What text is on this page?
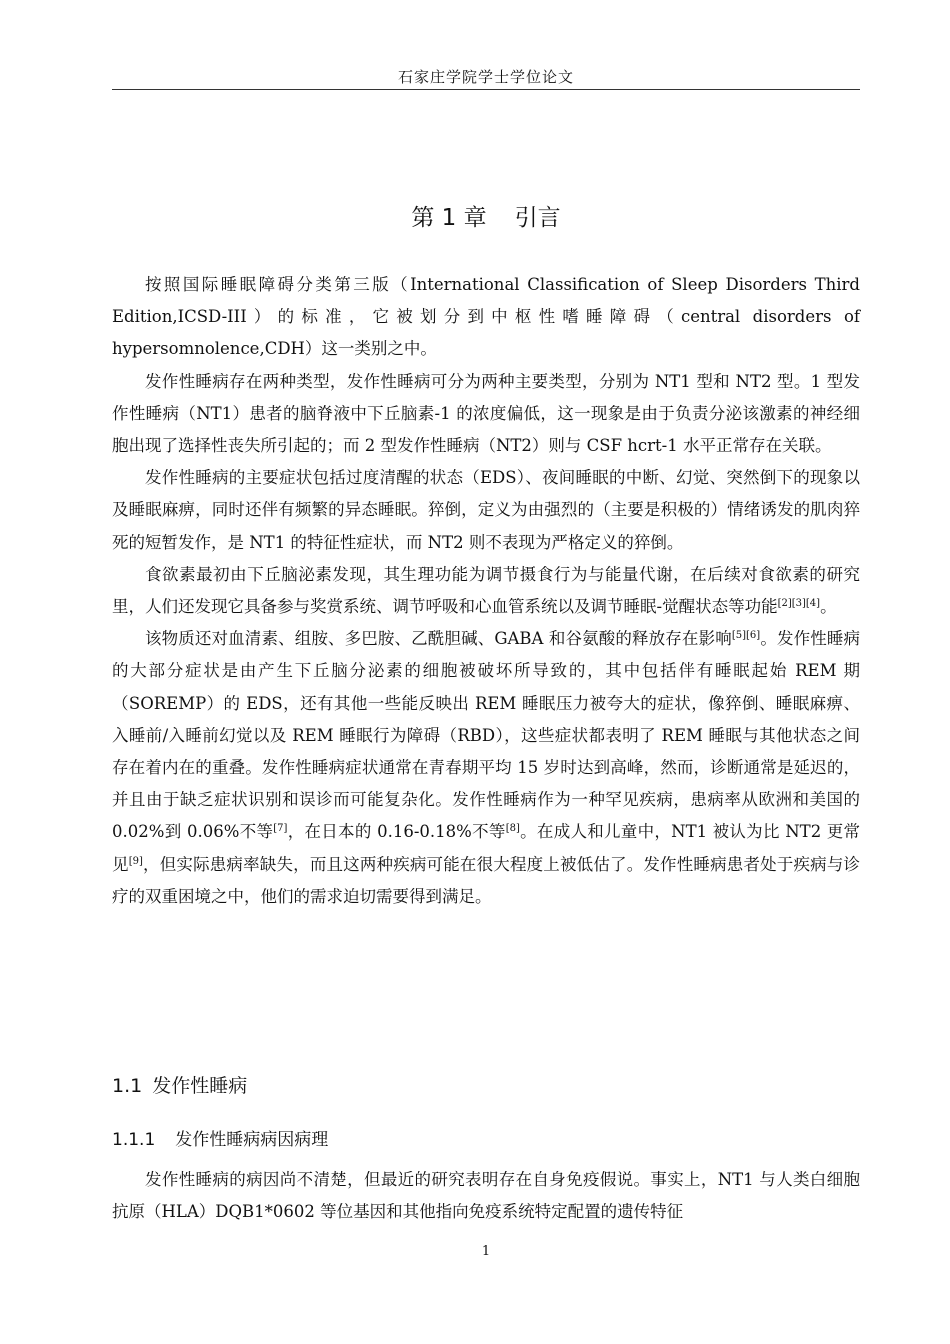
石家庄学院学士学位论文
第 1 章 引言

按照国际睡眠障碍分类第三版（International Classification of Sleep Disorders Third Edition,ICSD-III）的标准，它被划分到中枢性嗜睡障碍（central disorders of hypersomnolence,CDH）这一类别之中。

发作性睡病存在两种类型，发作性睡病可分为两种主要类型，分别为 NT1 型和 NT2 型。1 型发作性睡病（NT1）患者的脑脊液中下丘脑素-1 的浓度偏低，这一现象是由于负责分泌该激素的神经细胞出现了选择性丧失所引起的；而 2 型发作性睡病（NT2）则与 CSF hcrt-1 水平正常存在关联。

发作性睡病的主要症状包括过度清醒的状态（EDS）、夜间睡眠的中断、幻觉、突然倒下的现象以及睡眠麻痹，同时还伴有频繁的异态睡眠。猝倒，定义为由强烈的（主要是积极的）情绪诱发的肌肉猝死的短暂发作，是 NT1 的特征性症状，而 NT2 则不表现为严格定义的猝倒。

食欲素最初由下丘脑泌素发现，其生理功能为调节摄食行为与能量代谢，在后续对食欲素的研究里，人们还发现它具备参与奖赏系统、调节呼吸和心血管系统以及调节睡眠-觉醒状态等功能[2][3][4]。

该物质还对血清素、组胺、多巴胺、乙酰胆碱、GABA 和谷氨酸的释放存在影响[5][6]。发作性睡病的大部分症状是由产生下丘脑分泌素的细胞被破坏所导致的，其中包括伴有睡眠起始 REM 期（SOREMP）的 EDS，还有其他一些能反映出 REM 睡眠压力被夸大的症状，像猝倒、睡眠麻痹、入睡前/入睡前幻觉以及 REM 睡眠行为障碍（RBD），这些症状都表明了 REM 睡眠与其他状态之间存在着内在的重叠。发作性睡病症状通常在青春期平均 15 岁时达到高峰，然而，诊断通常是延迟的，并且由于缺乏症状识别和误诊而可能复杂化。发作性睡病作为一种罕见疾病，患病率从欧洲和美国的 0.02%到 0.06%不等[7]，在日本的 0.16-0.18%不等[8]。在成人和儿童中，NT1 被认为比 NT2 更常见[9]，但实际患病率缺失，而且这两种疾病可能在很大程度上被低估了。发作性睡病患者处于疾病与诊疗的双重困境之中，他们的需求迫切需要得到满足。

1.1 发作性睡病
1.1.1 发作性睡病病因病理

发作性睡病的病因尚不清楚，但最近的研究表明存在自身免疫假说。事实上，NT1 与人类白细胞抗原（HLA）DQB1*0602 等位基因和其他指向免疫系统特定配置的遗传特征

1
